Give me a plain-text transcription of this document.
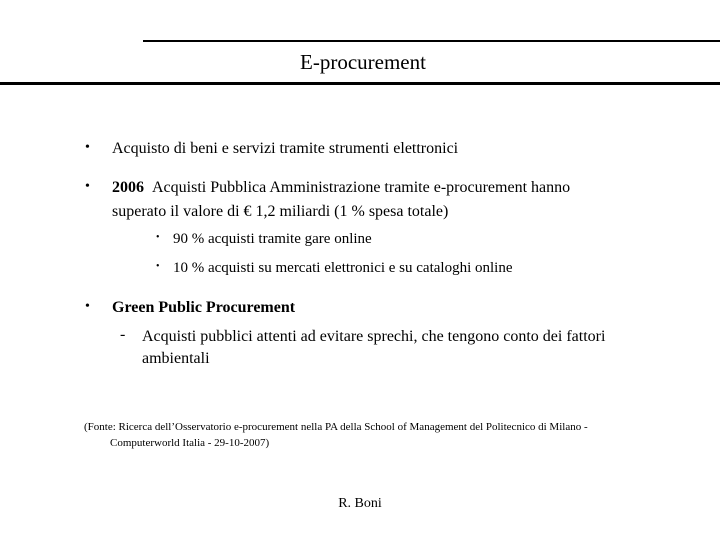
E-procurement
• Acquisto di beni e servizi tramite strumenti elettronici
• 2006 Acquisti Pubblica Amministrazione tramite e-procurement hanno
superato il valore di € 1,2 miliardi (1 % spesa totale)
• 90 % acquisti tramite gare online
• 10 % acquisti su mercati elettronici e su cataloghi online
• Green Public Procurement
- Acquisti pubblici attenti ad evitare sprechi, che tengono conto dei fattori
ambientali
(Fonte: Ricerca dell’Osservatorio e-procurement nella PA della School of Management del Politecnico di Milano -
Computerworld Italia - 29-10-2007)
R. Boni
